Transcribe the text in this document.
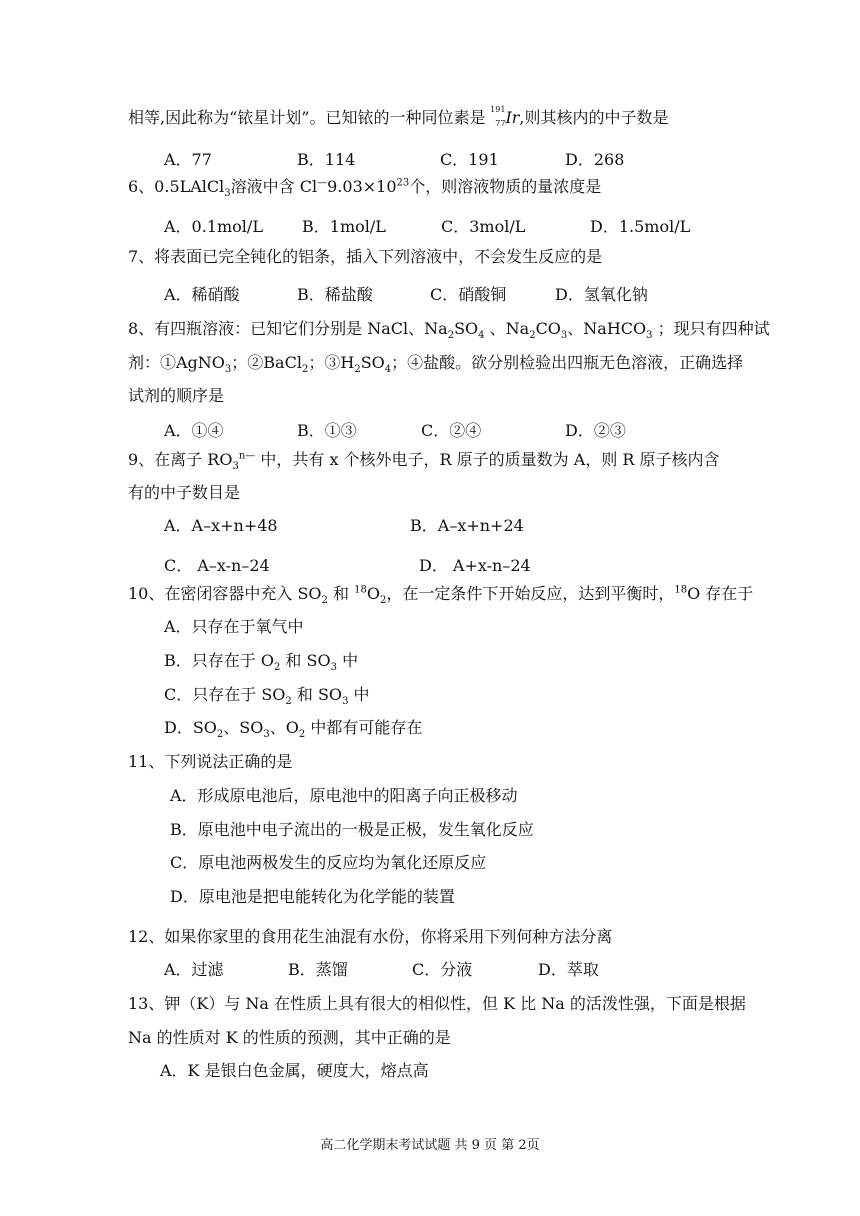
相等,因此称为“铱星计划”。已知铱的一种同位素是 191
77 Ir,则其核内的中子数是
A．77	B．114	C．191	D．268
6、0.5LAlCl$_3$溶液中含 $Cl^—9.03\times 10^{23}$个，则溶液物质的量浓度是
A．0.1mol/L B．1mol/L	C．3mol/L	D．1.5mol/L
7、将表面已完全钝化的铝条，插入下列溶液中，不会发生反应的是
A．稀硝酸	B．稀盐酸	C．硝酸铜	D．氢氧化钠
8、有四瓶溶液：已知它们分别是 NaCl、$Na_2SO_4$ 、$Na_2CO_3$、NaHCO$_3$ ；现只有四种试
剂：①AgNO$_3$；②BaCl$_2$；$③H_2SO_4$；④盐酸。欲分别检验出四瓶无色溶液，正确选择
试剂的顺序是
A．①④	B．①③	C．②④	D．②③
9、在离子 $RO_3^{n—}$ 中，共有 x 个核外电子，R 原子的质量数为 A，则 R 原子核内含
有的中子数目是
A．A–x+n+48	B．A–x+n+24
C． A–x-n–24	D． A+x-n–24
10、在密闭容器中充入 $SO_2$ 和 $^{18}O_2$，在一定条件下开始反应，达到平衡时，$^{18}$O 存在于
A．只存在于氧气中
B．只存在于 $O_2$ 和 $SO_3$ 中
C．只存在于 $SO_2$ 和 $SO_3$ 中
D．$SO_2$、$SO_3$、$O_2$ 中都有可能存在
11、下列说法正确的是
A．形成原电池后，原电池中的阳离子向正极移动
B．原电池中电子流出的一极是正极，发生氧化反应
C．原电池两极发生的反应均为氧化还原反应
D．原电池是把电能转化为化学能的装置
12、如果你家里的食用花生油混有水份，你将采用下列何种方法分离
A．过滤	B．蒸馏	C．分液	D．萃取
13、钾（K）与 Na 在性质上具有很大的相似性，但 K 比 Na 的活泼性强，下面是根据
Na 的性质对 K 的性质的预测，其中正确的是
A．K 是银白色金属，硬度大，熔点高
高二化学期末考试试题 共 9 页 第 2页
